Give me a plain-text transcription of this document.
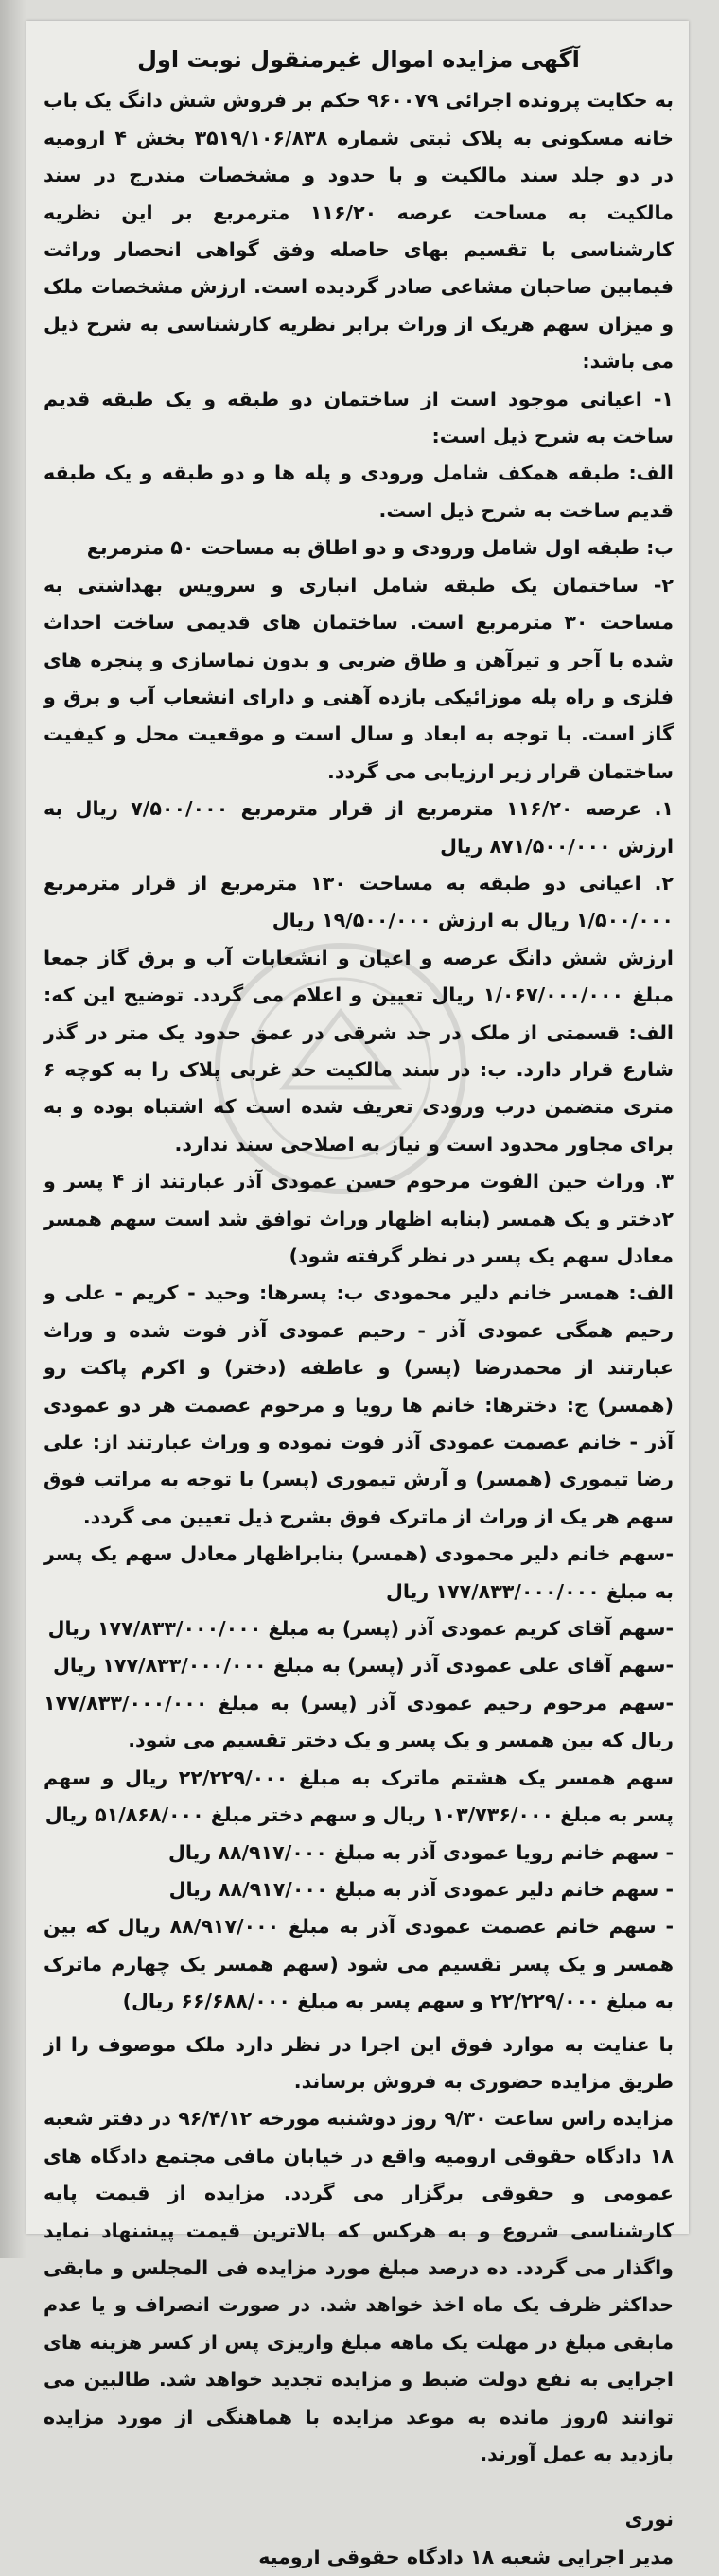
آگهی مزایده اموال غیرمنقول نوبت اول

به حکایت پرونده اجرائی ۹۶۰۰۷۹ حکم بر فروش شش دانگ یک باب خانه مسکونی به پلاک ثبتی شماره ۳۵۱۹/۱۰۶/۸۳۸ بخش ۴ ارومیه در دو جلد سند مالکیت و با حدود و مشخصات مندرج در سند مالکیت به مساحت عرصه ۱۱۶/۲۰ مترمربع بر این نظریه کارشناسی با تقسیم بهای حاصله وفق گواهی انحصار وراثت فیمابین صاحبان مشاعی صادر گردیده است. ارزش مشخصات ملک و میزان سهم هریک از وراث برابر نظریه کارشناسی به شرح ذیل می باشد:

۱- اعیانی موجود است از ساختمان دو طبقه و یک طبقه قدیم ساخت به شرح ذیل است:

الف: طبقه همکف شامل ورودی و پله ها و دو طبقه و یک طبقه قدیم ساخت به شرح ذیل است.

ب: طبقه اول شامل ورودی و دو اطاق به مساحت ۵۰ مترمربع

۲- ساختمان یک طبقه شامل انباری و سرویس بهداشتی به مساحت ۳۰ مترمربع است. ساختمان های قدیمی ساخت احداث شده با آجر و تیرآهن و طاق ضربی و بدون نماسازی و پنجره های فلزی و راه پله موزائیکی بازده آهنی و دارای انشعاب آب و برق و گاز است. با توجه به ابعاد و سال است و موقعیت محل و کیفیت ساختمان قرار زیر ارزیابی می گردد.

۱. عرصه ۱۱۶/۲۰ مترمربع از قرار مترمربع ۷/۵۰۰/۰۰۰ ریال به ارزش ۸۷۱/۵۰۰/۰۰۰ ریال

۲. اعیانی دو طبقه به مساحت ۱۳۰ مترمربع از قرار مترمربع ۱/۵۰۰/۰۰۰ ریال به ارزش ۱۹/۵۰۰/۰۰۰ ریال

ارزش شش دانگ عرصه و اعیان و انشعابات آب و برق گاز جمعا مبلغ ۱/۰۶۷/۰۰۰/۰۰۰ ریال تعیین و اعلام می گردد. توضیح این که: الف: قسمتی از ملک در حد شرقی در عمق حدود یک متر در گذر شارع قرار دارد. ب: در سند مالکیت حد غربی پلاک را به کوچه ۶ متری متضمن درب ورودی تعریف شده است که اشتباه بوده و به برای مجاور محدود است و نیاز به اصلاحی سند ندارد.

۳. وراث حین الفوت مرحوم حسن عمودی آذر عبارتند از ۴ پسر و ۲دختر و یک همسر (بنابه اظهار وراث توافق شد است سهم همسر معادل سهم یک پسر در نظر گرفته شود)

الف: همسر خانم دلیر محمودی ب: پسرها: وحید - کریم - علی و رحیم همگی عمودی آذر - رحیم عمودی آذر فوت شده و وراث عبارتند از محمدرضا (پسر) و عاطفه (دختر) و اکرم پاکت رو (همسر) ج: دخترها: خانم ها رویا و مرحوم عصمت هر دو عمودی آذر - خانم عصمت عمودی آذر فوت نموده و وراث عبارتند از: علی رضا تیموری (همسر) و آرش تیموری (پسر) با توجه به مراتب فوق سهم هر یک از وراث از ماترک فوق بشرح ذیل تعیین می گردد.

-سهم خانم دلیر محمودی (همسر) بنابراظهار معادل سهم یک پسر به مبلغ ۱۷۷/۸۳۳/۰۰۰/۰۰۰ ریال

-سهم آقای کریم عمودی آذر (پسر) به مبلغ ۱۷۷/۸۳۳/۰۰۰/۰۰۰ ریال

-سهم آقای علی عمودی آذر (پسر) به مبلغ ۱۷۷/۸۳۳/۰۰۰/۰۰۰ ریال

-سهم مرحوم رحیم عمودی آذر (پسر) به مبلغ ۱۷۷/۸۳۳/۰۰۰/۰۰۰ ریال که بین همسر و یک پسر و یک دختر تقسیم می شود.

سهم همسر یک هشتم ماترک به مبلغ ۲۲/۲۲۹/۰۰۰ ریال و سهم پسر به مبلغ ۱۰۳/۷۳۶/۰۰۰ ریال و سهم دختر مبلغ ۵۱/۸۶۸/۰۰۰ ریال

- سهم خانم رویا عمودی آذر به مبلغ ۸۸/۹۱۷/۰۰۰ ریال

- سهم خانم دلیر عمودی آذر به مبلغ ۸۸/۹۱۷/۰۰۰ ریال

- سهم خانم عصمت عمودی آذر به مبلغ ۸۸/۹۱۷/۰۰۰ ریال که بین همسر و یک پسر تقسیم می شود (سهم همسر یک چهارم ماترک به مبلغ ۲۲/۲۲۹/۰۰۰ و سهم پسر به مبلغ ۶۶/۶۸۸/۰۰۰ ریال)

با عنایت به موارد فوق این اجرا در نظر دارد ملک موصوف را از طریق مزایده حضوری به فروش برساند.

مزایده راس ساعت ۹/۳۰ روز دوشنبه مورخه ۹۶/۴/۱۲ در دفتر شعبه ۱۸ دادگاه حقوقی ارومیه واقع در خیابان مافی مجتمع دادگاه های عمومی و حقوقی برگزار می گردد. مزایده از قیمت پایه کارشناسی شروع و به هرکس که بالاترین قیمت پیشنهاد نماید واگذار می گردد. ده درصد مبلغ مورد مزایده فی المجلس و مابقی حداکثر ظرف یک ماه اخذ خواهد شد. در صورت انصراف و یا عدم مابقی مبلغ در مهلت یک ماهه مبلغ واریزی پس از کسر هزینه های اجرایی به نفع دولت ضبط و مزایده تجدید خواهد شد. طالبین می توانند ۵روز مانده به موعد مزایده با هماهنگی از مورد مزایده بازدید به عمل آورند.

نوری

مدیر اجرایی شعبه ۱۸ دادگاه حقوقی ارومیه
